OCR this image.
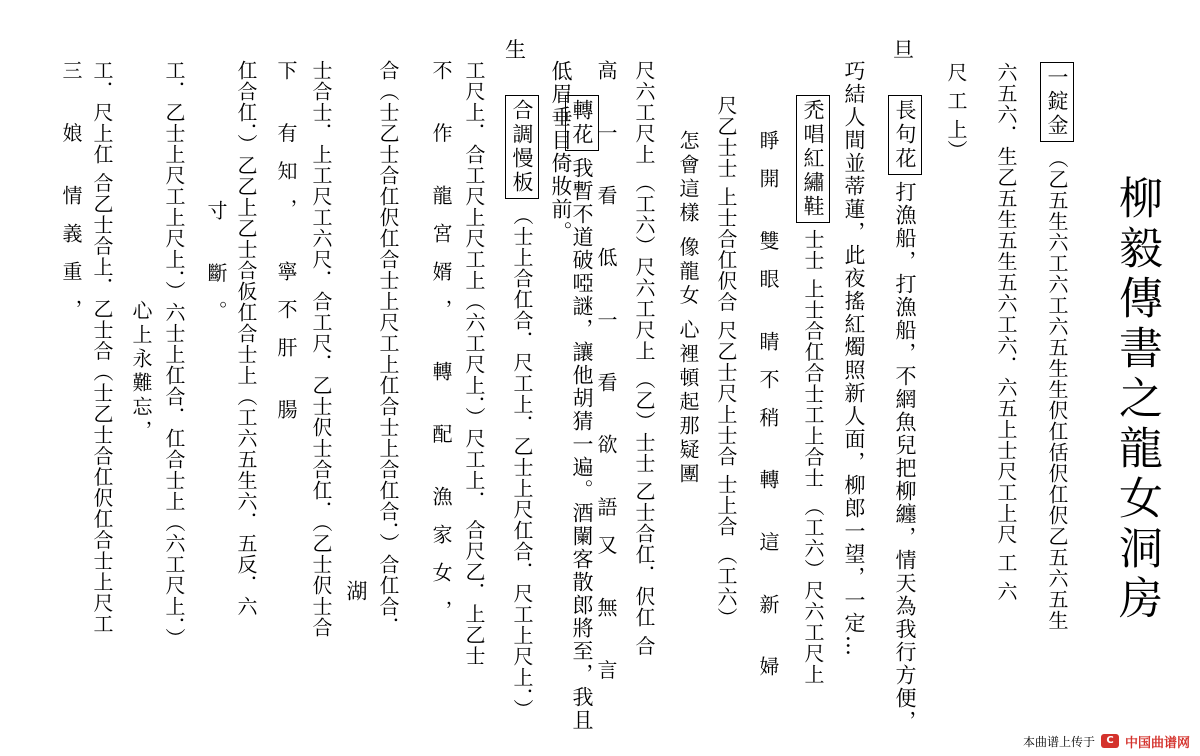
柳毅傳書之龍女洞房
旦
生
一錠金（乙五生六工六工六五生生伬仜佸伬仜伬乙五六五生
六五六．生乙五生五生五六工六．六五上士尺工上尺 工 六
尺 工 上）
長句花打漁船，打漁船，不網魚兒把柳纏，情天為我行方便，
巧結人間並蒂蓮，此夜搖紅燭照新人面，柳郎一望，一定…
禿唱紅繡鞋士士 上士合仜合士工上合士 （工六）尺六工尺上
睜開 雙眼 睛不稍 轉 這 新 婦
尺乙士士 上士合仜伬合 尺乙士尺上士合 士上合 （工六）
怎會這樣 像龍女 心裡頓起那疑團
尺六工尺上 （工六）尺六工尺上 （乙）士士 乙士合仜．伬仜 合
高 一 看 低 一 看 欲 語又 無 言
轉花我暫不道破啞謎，讓他胡猜一遍。酒闌客散郎將至，我且
低眉垂目倚妝前。
合調慢板（士上合仜合．尺工上．乙士上尺仜合．尺工上尺上．）
工尺上．合工尺上尺工上（六工尺上．）尺工上． 合尺乙．上乙士
不 作 龍宮婿， 轉 配 漁家女，
合（士乙士合仜伬仜合士上尺工上仜合士上合仜合．）合仜合．
湖
士合士．上工尺工六尺．合工尺．乙士伬士合仜．（乙士伬士合
下 有知， 寧不肝 腸
仜合仜．）乙乙上乙士合仮仜合士上（工六五生六．五反．六
寸 斷。
工．乙士上尺工上尺上．）六士上仜合．仜合士上（六工尺上．）
心上永難忘，
工．尺上仜 合乙士合上．乙士合（士乙士合仜伬仜合士上尺工
三 娘 情義重，
本曲谱上传于	C 中国曲谱网
